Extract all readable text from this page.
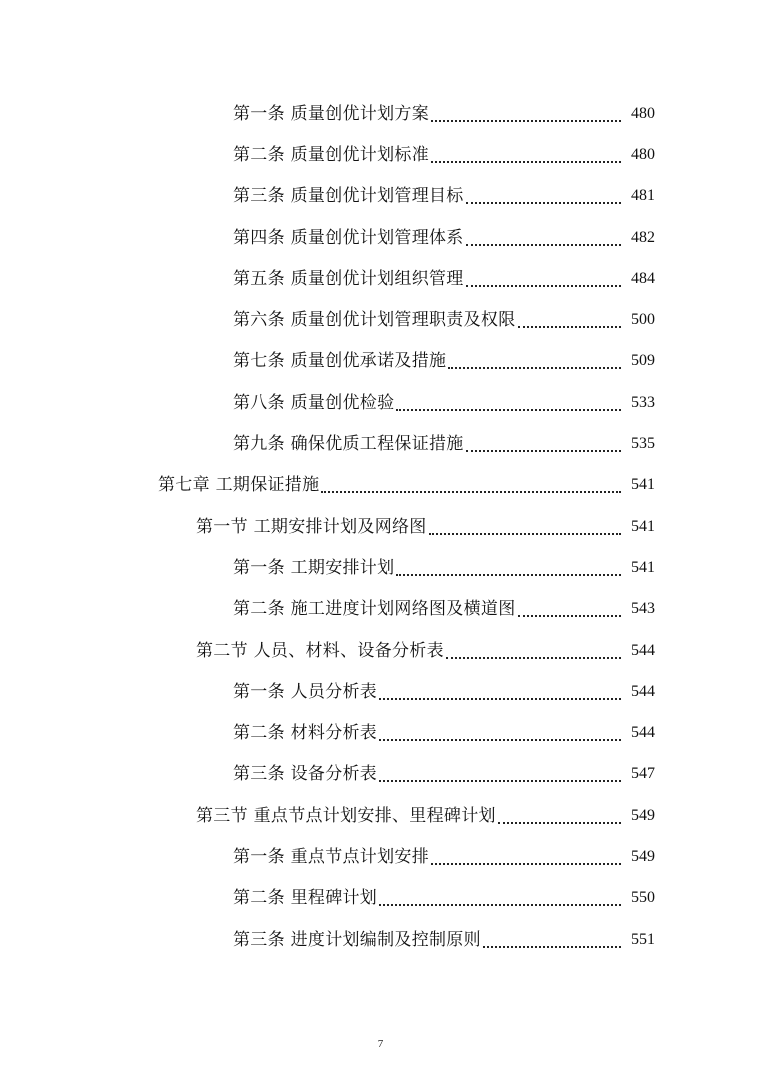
第一条 质量创优计划方案	480
第二条 质量创优计划标准	480
第三条 质量创优计划管理目标	481
第四条 质量创优计划管理体系	482
第五条 质量创优计划组织管理	484
第六条 质量创优计划管理职责及权限	500
第七条 质量创优承诺及措施	509
第八条 质量创优检验	533
第九条 确保优质工程保证措施	535
第七章 工期保证措施	541
第一节 工期安排计划及网络图	541
第一条 工期安排计划	541
第二条 施工进度计划网络图及横道图	543
第二节 人员、材料、设备分析表	544
第一条 人员分析表	544
第二条 材料分析表	544
第三条 设备分析表	547
第三节 重点节点计划安排、里程碑计划	549
第一条 重点节点计划安排	549
第二条 里程碑计划	550
第三条 进度计划编制及控制原则	551
7
